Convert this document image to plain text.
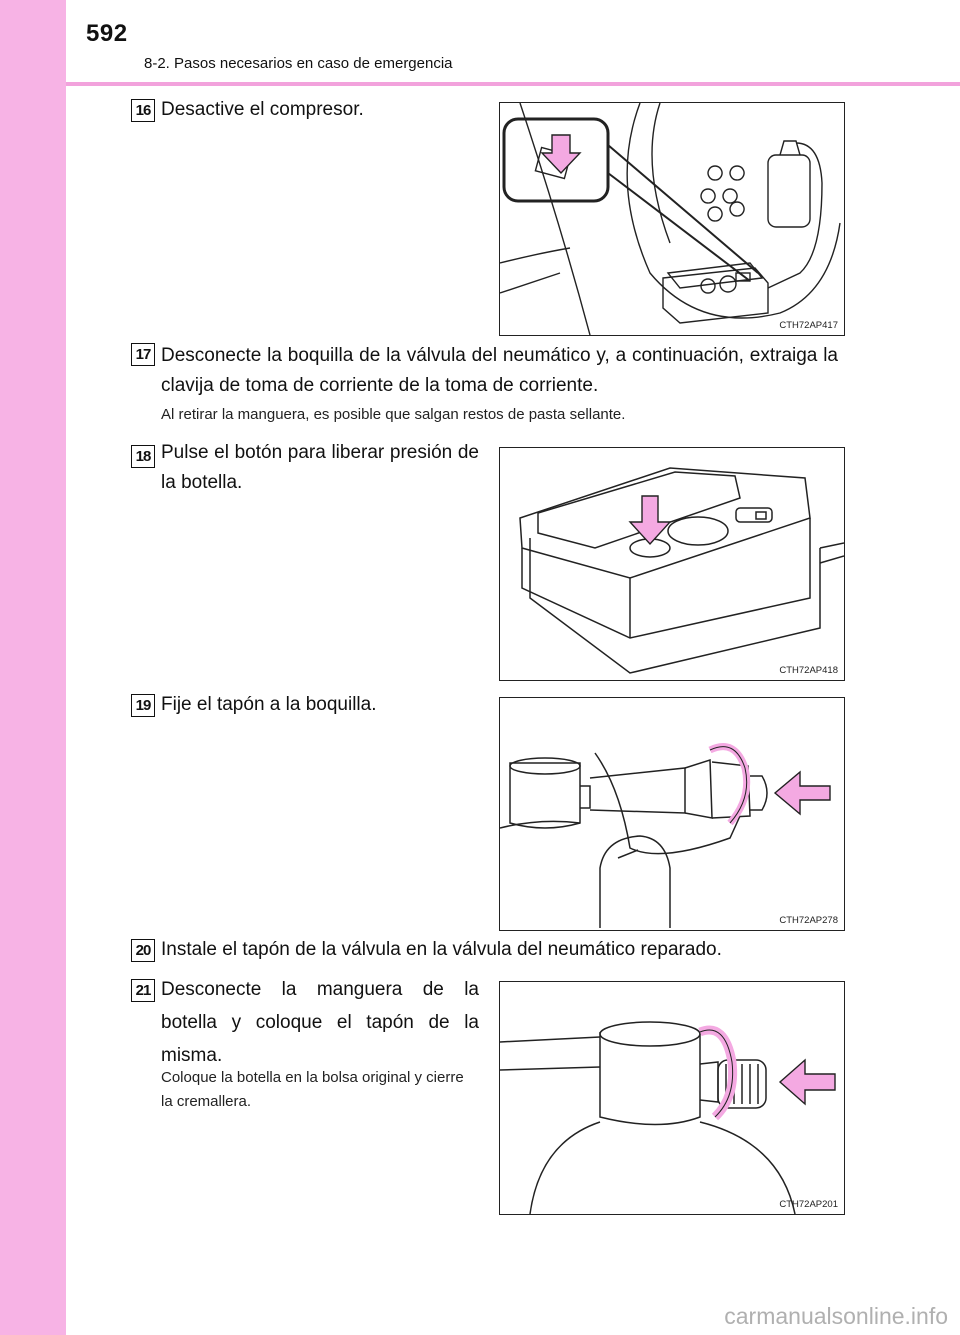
592
8-2. Pasos necesarios en caso de emergencia
16 Desactive el compresor.
CTH72AP417
17 Desconecte la boquilla de la válvula del neumático y, a continuación, extraiga la clavija de toma de corriente de la toma de corriente.
Al retirar la manguera, es posible que salgan restos de pasta sellante.
18 Pulse el botón para liberar presión de la botella.
CTH72AP418
19 Fije el tapón a la boquilla.
CTH72AP278
20 Instale el tapón de la válvula en la válvula del neumático reparado.
21 Desconecte la manguera de la botella y coloque el tapón de la misma.
Coloque la botella en la bolsa original y cierre la cremallera.
CTH72AP201
carmanualsonline.info
